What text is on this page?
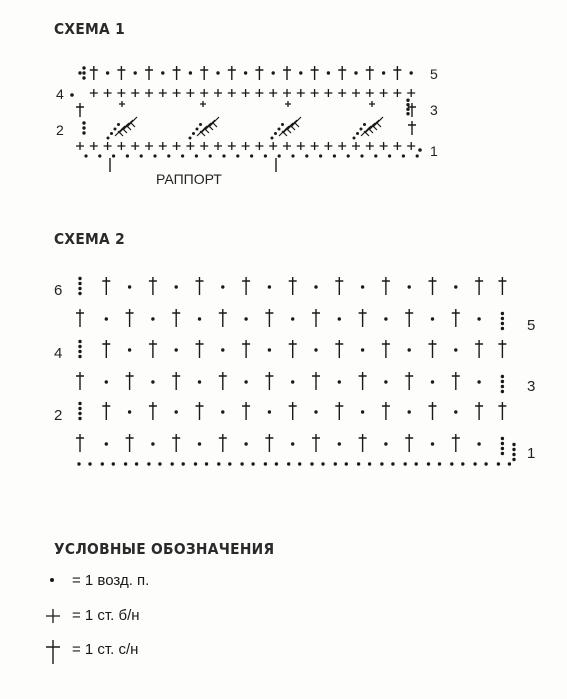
СХЕМА 1
СХЕМА 2
УСЛОВНЫЕ ОБОЗНАЧЕНИЯ
РАППОРТ
4
2
5
3
1
6
4
2
5
3
1
= 1 возд. п.
= 1 ст. б/н
= 1 ст. с/н
